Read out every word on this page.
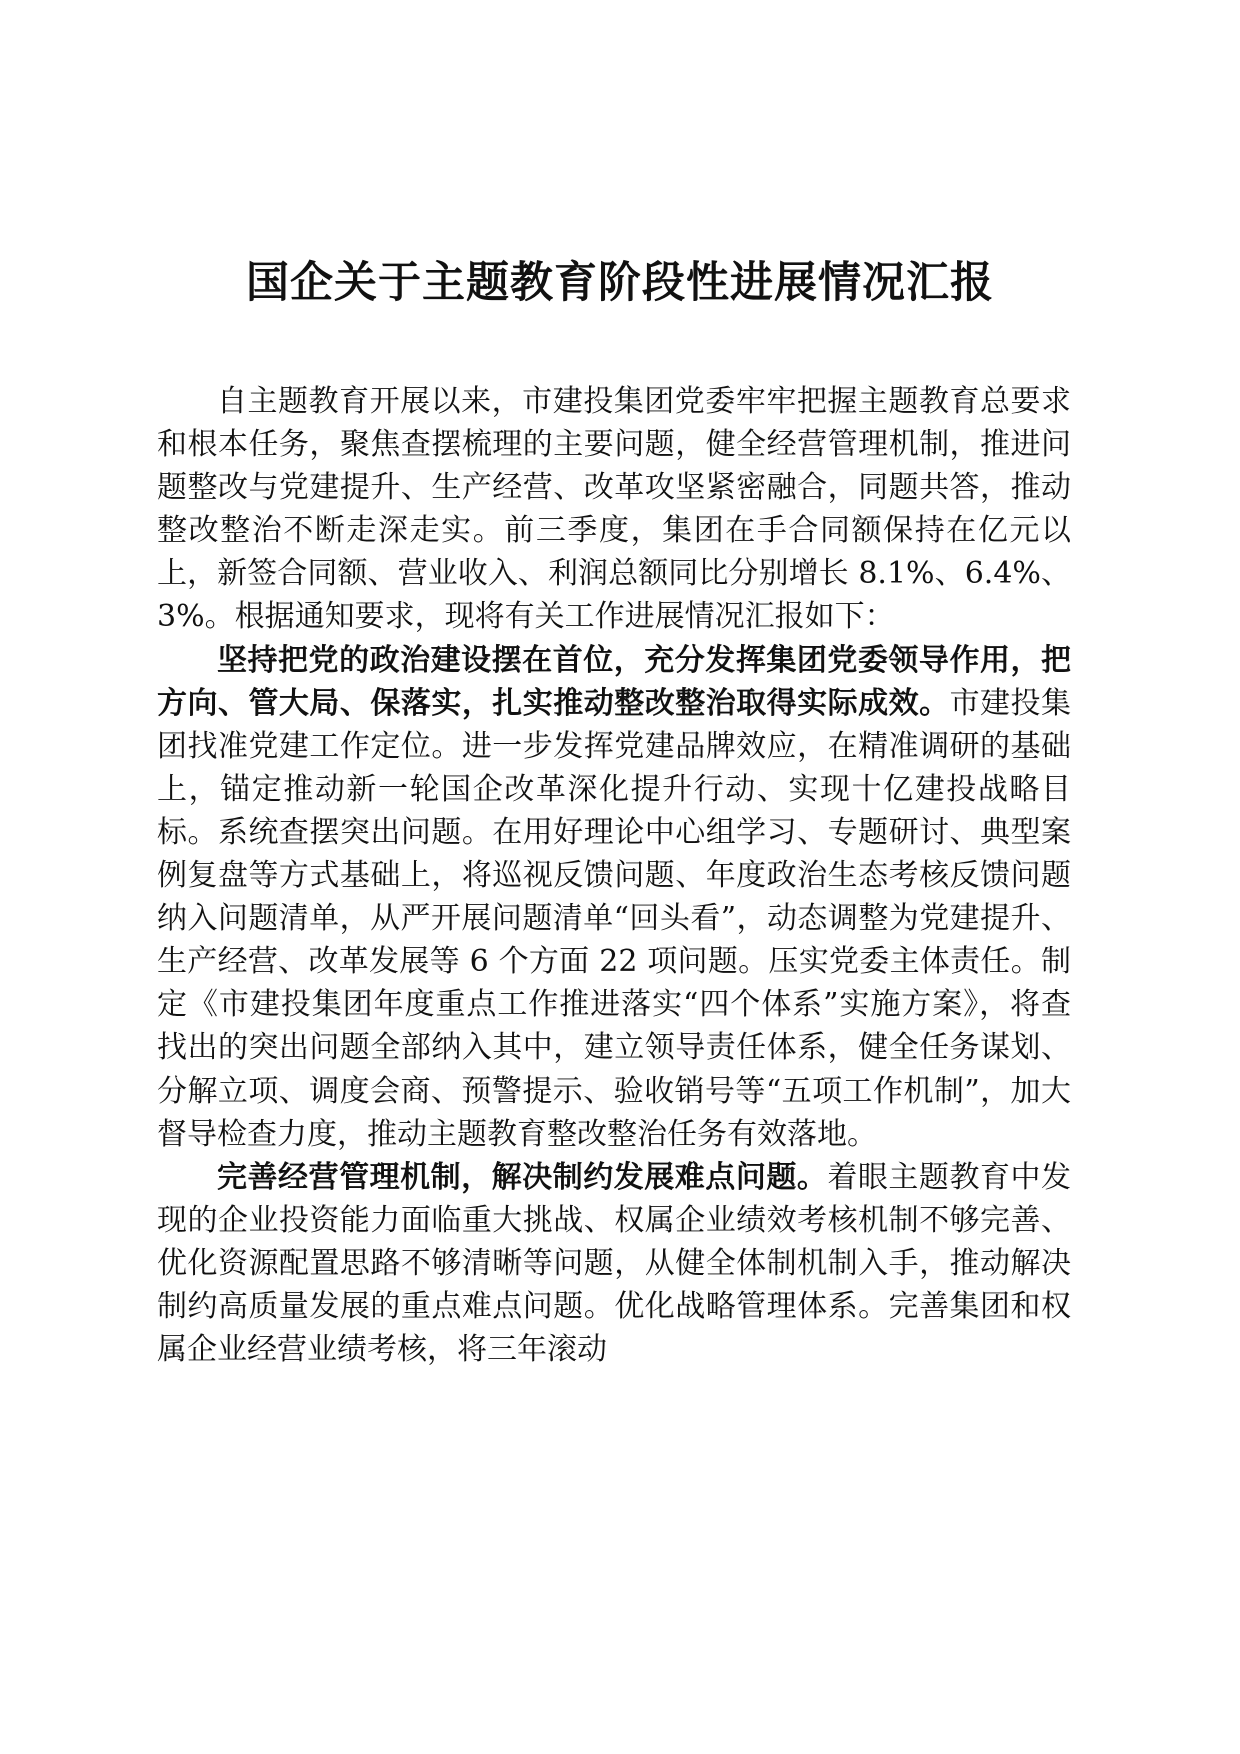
国企关于主题教育阶段性进展情况汇报

自主题教育开展以来，市建投集团党委牢牢把握主题教育总要求和根本任务，聚焦查摆梳理的主要问题，健全经营管理机制，推进问题整改与党建提升、生产经营、改革攻坚紧密融合，同题共答，推动整改整治不断走深走实。前三季度，集团在手合同额保持在亿元以上，新签合同额、营业收入、利润总额同比分别增长 8.1%、6.4%、3%。根据通知要求，现将有关工作进展情况汇报如下：

坚持把党的政治建设摆在首位，充分发挥集团党委领导作用，把方向、管大局、保落实，扎实推动整改整治取得实际成效。市建投集团找准党建工作定位。进一步发挥党建品牌效应，在精准调研的基础上，锚定推动新一轮国企改革深化提升行动、实现十亿建投战略目标。系统查摆突出问题。在用好理论中心组学习、专题研讨、典型案例复盘等方式基础上，将巡视反馈问题、年度政治生态考核反馈问题纳入问题清单，从严开展问题清单“回头看”，动态调整为党建提升、生产经营、改革发展等 6 个方面 22 项问题。压实党委主体责任。制定《市建投集团年度重点工作推进落实“四个体系”实施方案》，将查找出的突出问题全部纳入其中，建立领导责任体系，健全任务谋划、分解立项、调度会商、预警提示、验收销号等“五项工作机制”，加大督导检查力度，推动主题教育整改整治任务有效落地。

完善经营管理机制，解决制约发展难点问题。着眼主题教育中发现的企业投资能力面临重大挑战、权属企业绩效考核机制不够完善、优化资源配置思路不够清晰等问题，从健全体制机制入手，推动解决制约高质量发展的重点难点问题。优化战略管理体系。完善集团和权属企业经营业绩考核，将三年滚动
